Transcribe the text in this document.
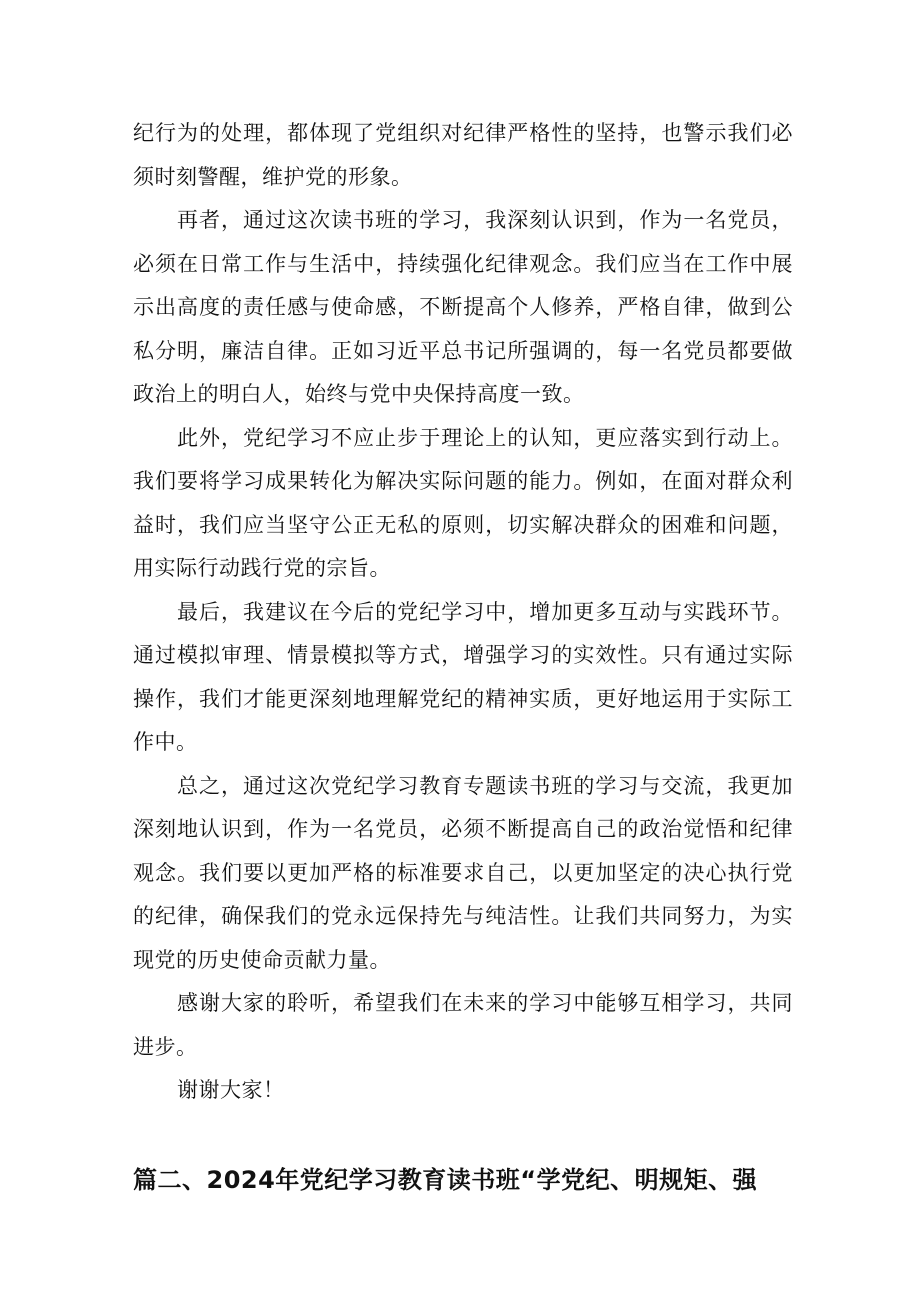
纪行为的处理，都体现了党组织对纪律严格性的坚持，也警示我们必须时刻警醒，维护党的形象。

再者，通过这次读书班的学习，我深刻认识到，作为一名党员，必须在日常工作与生活中，持续强化纪律观念。我们应当在工作中展示出高度的责任感与使命感，不断提高个人修养，严格自律，做到公私分明，廉洁自律。正如习近平总书记所强调的，每一名党员都要做政治上的明白人，始终与党中央保持高度一致。

此外，党纪学习不应止步于理论上的认知，更应落实到行动上。我们要将学习成果转化为解决实际问题的能力。例如，在面对群众利益时，我们应当坚守公正无私的原则，切实解决群众的困难和问题，用实际行动践行党的宗旨。

最后，我建议在今后的党纪学习中，增加更多互动与实践环节。通过模拟审理、情景模拟等方式，增强学习的实效性。只有通过实际操作，我们才能更深刻地理解党纪的精神实质，更好地运用于实际工作中。

总之，通过这次党纪学习教育专题读书班的学习与交流，我更加深刻地认识到，作为一名党员，必须不断提高自己的政治觉悟和纪律观念。我们要以更加严格的标准要求自己，以更加坚定的决心执行党的纪律，确保我们的党永远保持先与纯洁性。让我们共同努力，为实现党的历史使命贡献力量。

感谢大家的聆听，希望我们在未来的学习中能够互相学习，共同进步。

谢谢大家！

篇二、2024年党纪学习教育读书班“学党纪、明规矩、强
